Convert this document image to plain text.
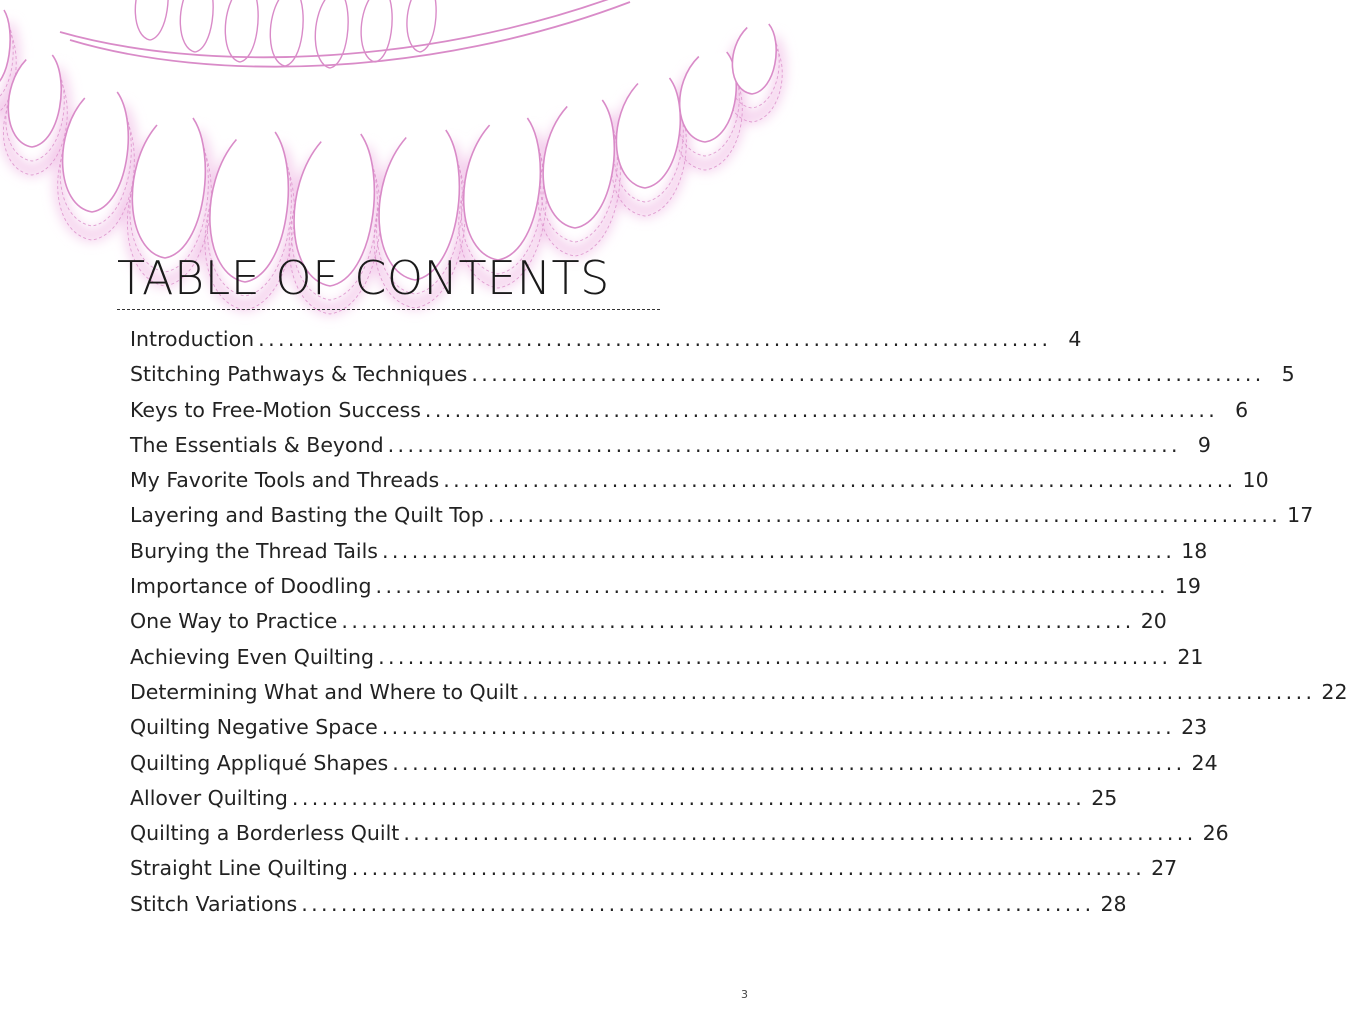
TABLE OF CONTENTS
Introduction ................................................................................ 4
Stitching Pathways & Techniques ................................................................................ 5
Keys to Free-Motion Success ................................................................................ 6
The Essentials & Beyond ................................................................................ 9
My Favorite Tools and Threads ................................................................................ 10
Layering and Basting the Quilt Top ................................................................................ 17
Burying the Thread Tails ................................................................................ 18
Importance of Doodling ................................................................................ 19
One Way to Practice ................................................................................ 20
Achieving Even Quilting ................................................................................ 21
Determining What and Where to Quilt ................................................................................ 22
Quilting Negative Space ................................................................................ 23
Quilting Appliqué Shapes ................................................................................ 24
Allover Quilting ................................................................................ 25
Quilting a Borderless Quilt ................................................................................ 26
Straight Line Quilting ................................................................................ 27
Stitch Variations ................................................................................ 28
3
